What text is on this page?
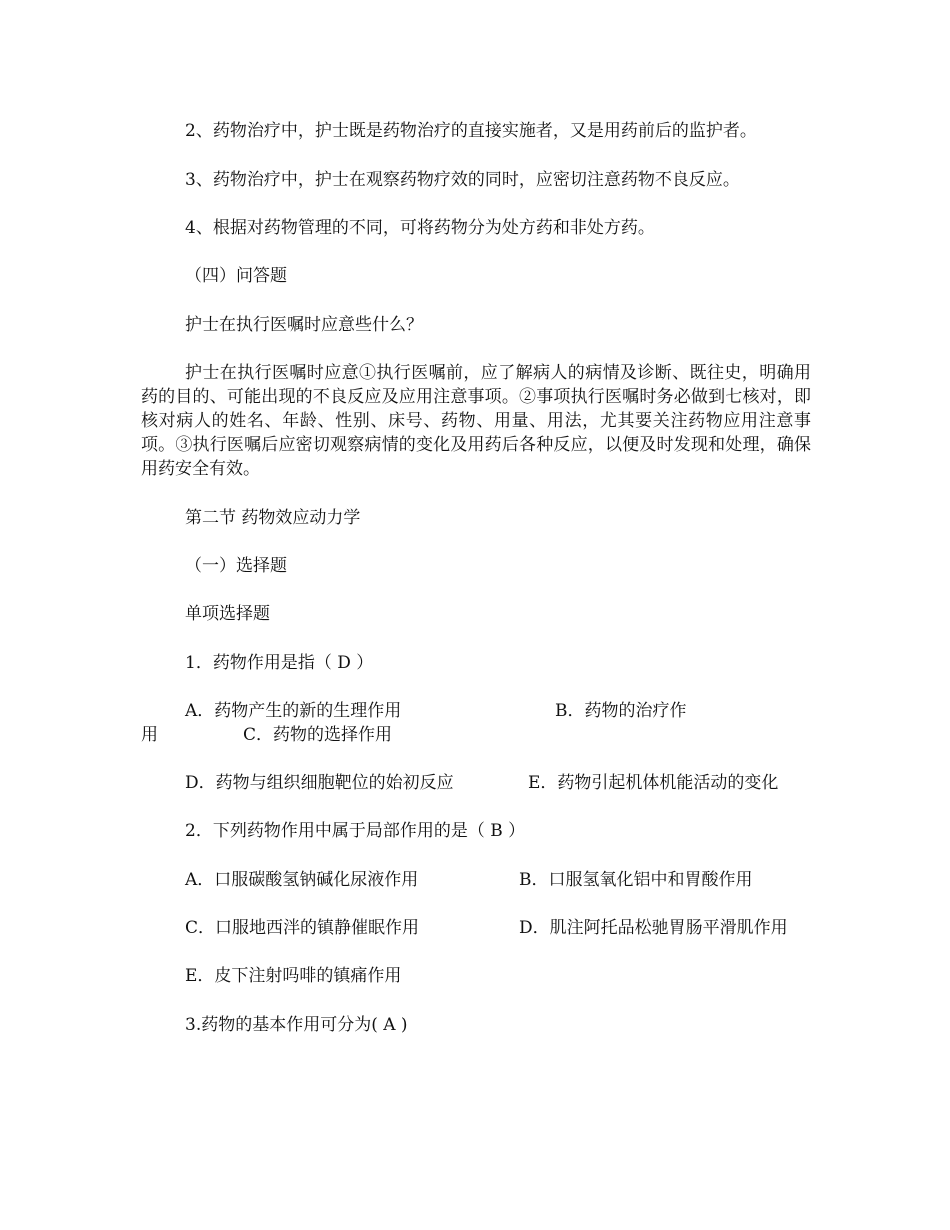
2、药物治疗中，护士既是药物治疗的直接实施者，又是用药前后的监护者。
3、药物治疗中，护士在观察药物疗效的同时，应密切注意药物不良反应。
4、根据对药物管理的不同，可将药物分为处方药和非处方药。
（四）问答题
护士在执行医嘱时应意些什么？
护士在执行医嘱时应意①执行医嘱前，应了解病人的病情及诊断、既往史，明确用药的目的、可能出现的不良反应及应用注意事项。②事项执行医嘱时务必做到七核对，即核对病人的姓名、年龄、性别、床号、药物、用量、用法，尤其要关注药物应用注意事项。③执行医嘱后应密切观察病情的变化及用药后各种反应，以便及时发现和处理，确保用药安全有效。
第二节 药物效应动力学
（一）选择题
单项选择题
1．药物作用是指（ D ）
A．药物产生的新的生理作用	B．药物的治疗作
用	C．药物的选择作用
D．药物与组织细胞靶位的始初反应	E．药物引起机体机能活动的变化
2．下列药物作用中属于局部作用的是（ B ）
A．口服碳酸氢钠碱化尿液作用	B．口服氢氧化铝中和胃酸作用
C．口服地西泮的镇静催眠作用	D．肌注阿托品松驰胃肠平滑肌作用
E．皮下注射吗啡的镇痛作用
3.药物的基本作用可分为( A )
